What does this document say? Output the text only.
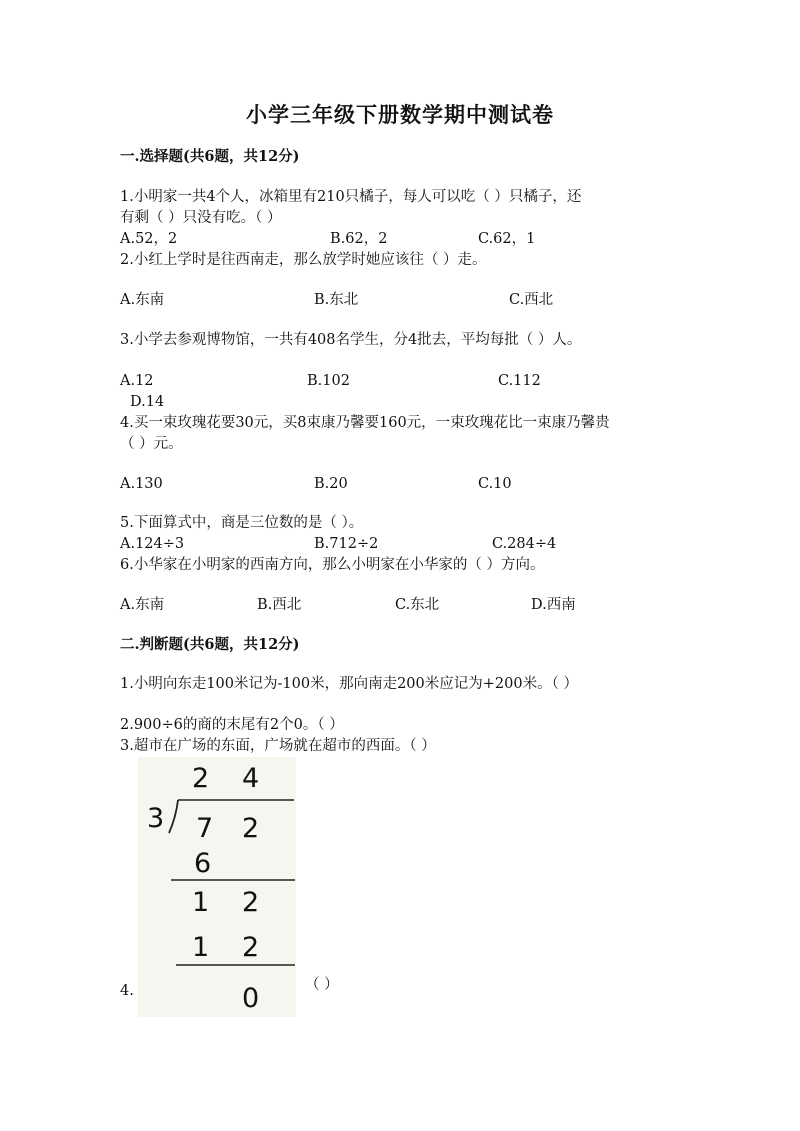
小学三年级下册数学期中测试卷
一.选择题(共6题，共12分)
1.小明家一共4个人，冰箱里有210只橘子，每人可以吃（ ）只橘子，还
有剩（ ）只没有吃。（ ）
A.52，2	B.62，2	C.62，1
2.小红上学时是往西南走，那么放学时她应该往（ ）走。
A.东南	B.东北	C.西北
3.小学去参观博物馆，一共有408名学生，分4批去，平均每批（ ）人。
A.12	B.102	C.112
D.14
4.买一束玫瑰花要30元，买8束康乃馨要160元，一束玫瑰花比一束康乃馨贵
（ ）元。
A.130	B.20	C.10
5.下面算式中，商是三位数的是（ ）。
A.124÷3	B.712÷2	C.284÷4
6.小华家在小明家的西南方向，那么小明家在小华家的（ ）方向。
A.东南	B.西北	C.东北	D.西南
二.判断题(共6题，共12分)
1.小明向东走100米记为-100米，那向南走200米应记为+200米。（ ）
2.900÷6的商的末尾有2个0。（ ）
3.超市在广场的东面，广场就在超市的西面。（ ）
4.
2 4
3 7 2
6
1 2
1 2
0	（ ）
